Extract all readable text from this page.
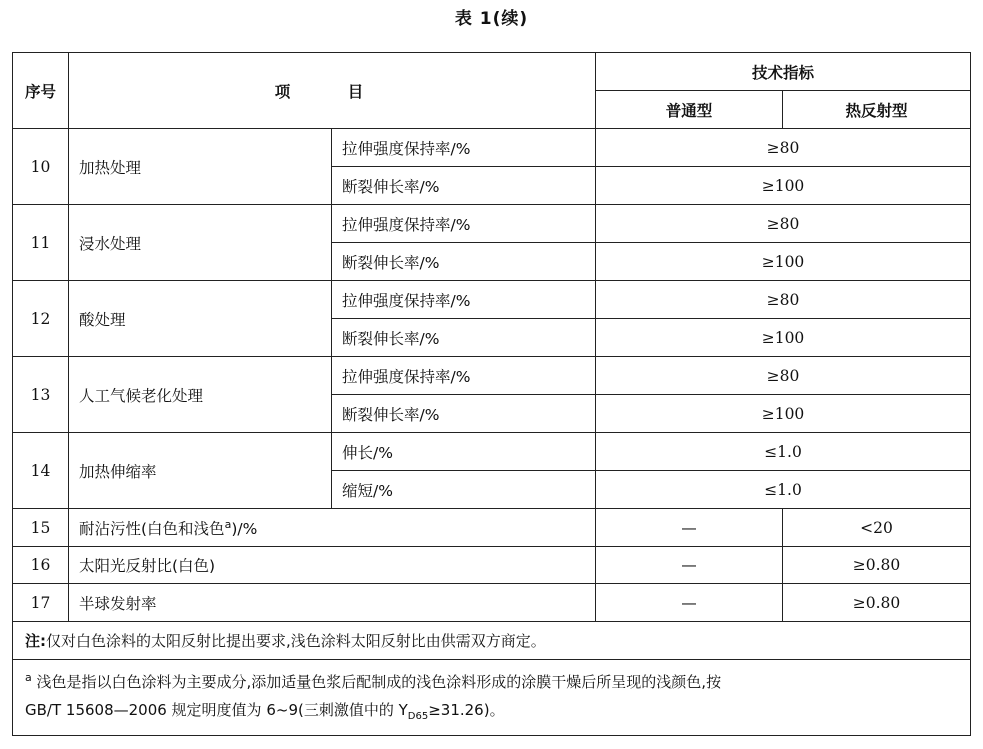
表 1(续)
序号	项 目		技术指标	
			普通型	热反射型
10	加热处理	拉伸强度保持率/%	≥80	
		断裂伸长率/%	≥100	
11	浸水处理	拉伸强度保持率/%	≥80	
		断裂伸长率/%	≥100	
12	酸处理	拉伸强度保持率/%	≥80	
		断裂伸长率/%	≥100	
13	人工气候老化处理	拉伸强度保持率/%	≥80	
		断裂伸长率/%	≥100	
14	加热伸缩率	伸长/%	≤1.0	
		缩短/%	≤1.0	
15	耐沾污性(白色和浅色$^a$)/%		—	<20
16	太阳光反射比(白色)		—	≥0.80
17	半球发射率		—	≥0.80
注:仅对白色涂料的太阳反射比提出要求,浅色涂料太阳反射比由供需双方商定。				
$^a$ 浅色是指以白色涂料为主要成分,添加适量色浆后配制成的浅色涂料形成的涂膜干燥后所呈现的浅颜色,按
GB/T 15608—2006 规定明度值为 6~9(三刺激值中的 $Y_{D65}\ge 31.26$)。				
